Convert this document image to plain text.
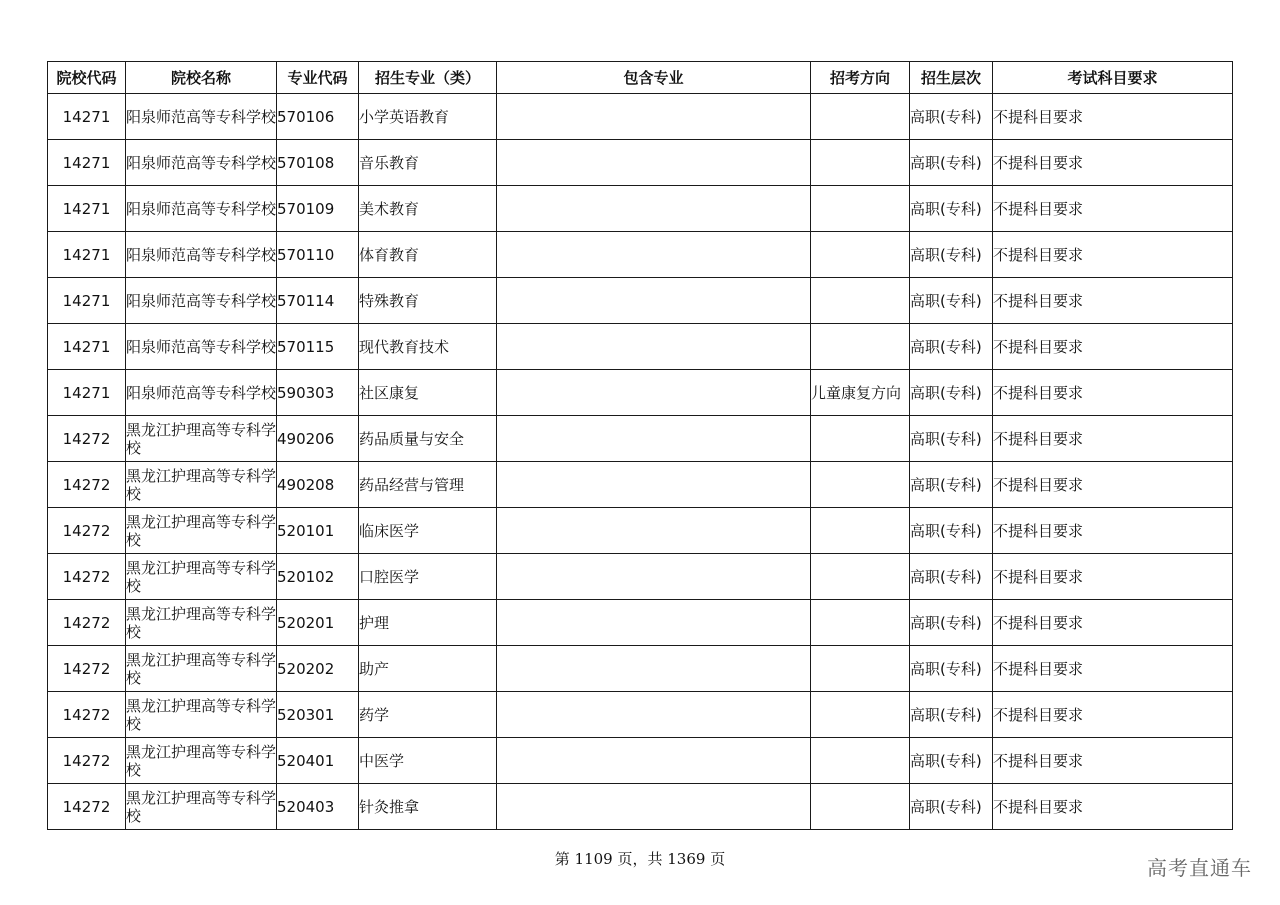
院校代码	院校名称	专业代码	招生专业（类）	包含专业	招考方向	招生层次	考试科目要求
14271	阳泉师范高等专科学校	570106	小学英语教育			高职(专科)	不提科目要求
14271	阳泉师范高等专科学校	570108	音乐教育			高职(专科)	不提科目要求
14271	阳泉师范高等专科学校	570109	美术教育			高职(专科)	不提科目要求
14271	阳泉师范高等专科学校	570110	体育教育			高职(专科)	不提科目要求
14271	阳泉师范高等专科学校	570114	特殊教育			高职(专科)	不提科目要求
14271	阳泉师范高等专科学校	570115	现代教育技术			高职(专科)	不提科目要求
14271	阳泉师范高等专科学校	590303	社区康复		儿童康复方向	高职(专科)	不提科目要求
14272	黑龙江护理高等专科学校	490206	药品质量与安全			高职(专科)	不提科目要求
14272	黑龙江护理高等专科学校	490208	药品经营与管理			高职(专科)	不提科目要求
14272	黑龙江护理高等专科学校	520101	临床医学			高职(专科)	不提科目要求
14272	黑龙江护理高等专科学校	520102	口腔医学			高职(专科)	不提科目要求
14272	黑龙江护理高等专科学校	520201	护理			高职(专科)	不提科目要求
14272	黑龙江护理高等专科学校	520202	助产			高职(专科)	不提科目要求
14272	黑龙江护理高等专科学校	520301	药学			高职(专科)	不提科目要求
14272	黑龙江护理高等专科学校	520401	中医学			高职(专科)	不提科目要求
14272	黑龙江护理高等专科学校	520403	针灸推拿			高职(专科)	不提科目要求
第 1109 页，共 1369 页	高考直通车
